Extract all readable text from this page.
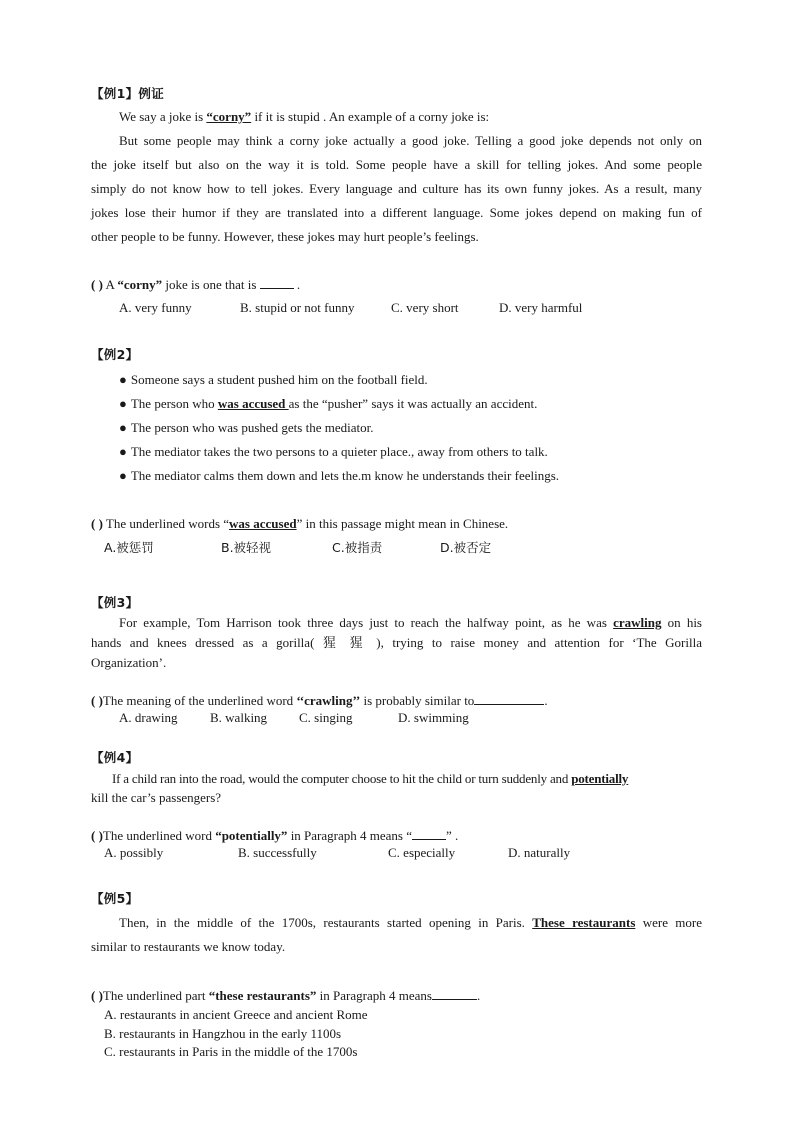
【例1】例证
We say a joke is “corny” if it is stupid . An example of a corny joke is:
But some people may think a corny joke actually a good joke. Telling a good joke depends not only on
the joke itself but also on the way it is told. Some people have a skill for telling jokes. And some people
simply do not know how to tell jokes. Every language and culture has its own funny jokes. As a result, many
jokes lose their humor if they are translated into a different language. Some jokes depend on making fun of
other people to be funny. However, these jokes may hurt people’s feelings.
( ) A “corny” joke is one that is	.
A. very funny	B. stupid or not funny	C. very short	D. very harmful
【例2】
● Someone says a student pushed him on the football field.
● The person who was accused as the “pusher” says it was actually an accident.
● The person who was pushed gets the mediator.
● The mediator takes the two persons to a quieter place., away from others to talk.
● The mediator calms them down and lets the.m know he understands their feelings.
( ) The underlined words “was accused” in this passage might mean in Chinese.
A.被惩罚	B.被轻视	C.被指责	D.被否定
【例3】
For example, Tom Harrison took three days just to reach the halfway point, as he was crawling on his
hands and knees dressed as a gorilla( 猩 猩 ), trying to raise money and attention for ‘The Gorilla
Organization’.
( )The meaning of the underlined word ‘‘crawling’’ is probably similar to	.
A. drawing	B. walking C. singing	D. swimming
【例4】
If a child ran into the road, would the computer choose to hit the child or turn suddenly and potentially
kill the car’s passengers?
( )The underlined word “potentially” in Paragraph 4 means “	” .
A. possibly	B. successfully	C. especially	D. naturally
【例5】
Then, in the middle of the 1700s, restaurants started opening in Paris. These restaurants were more
similar to restaurants we know today.
( )The underlined part “these restaurants” in Paragraph 4 means	.
A. restaurants in ancient Greece and ancient Rome
B. restaurants in Hangzhou in the early 1100s
C. restaurants in Paris in the middle of the 1700s
